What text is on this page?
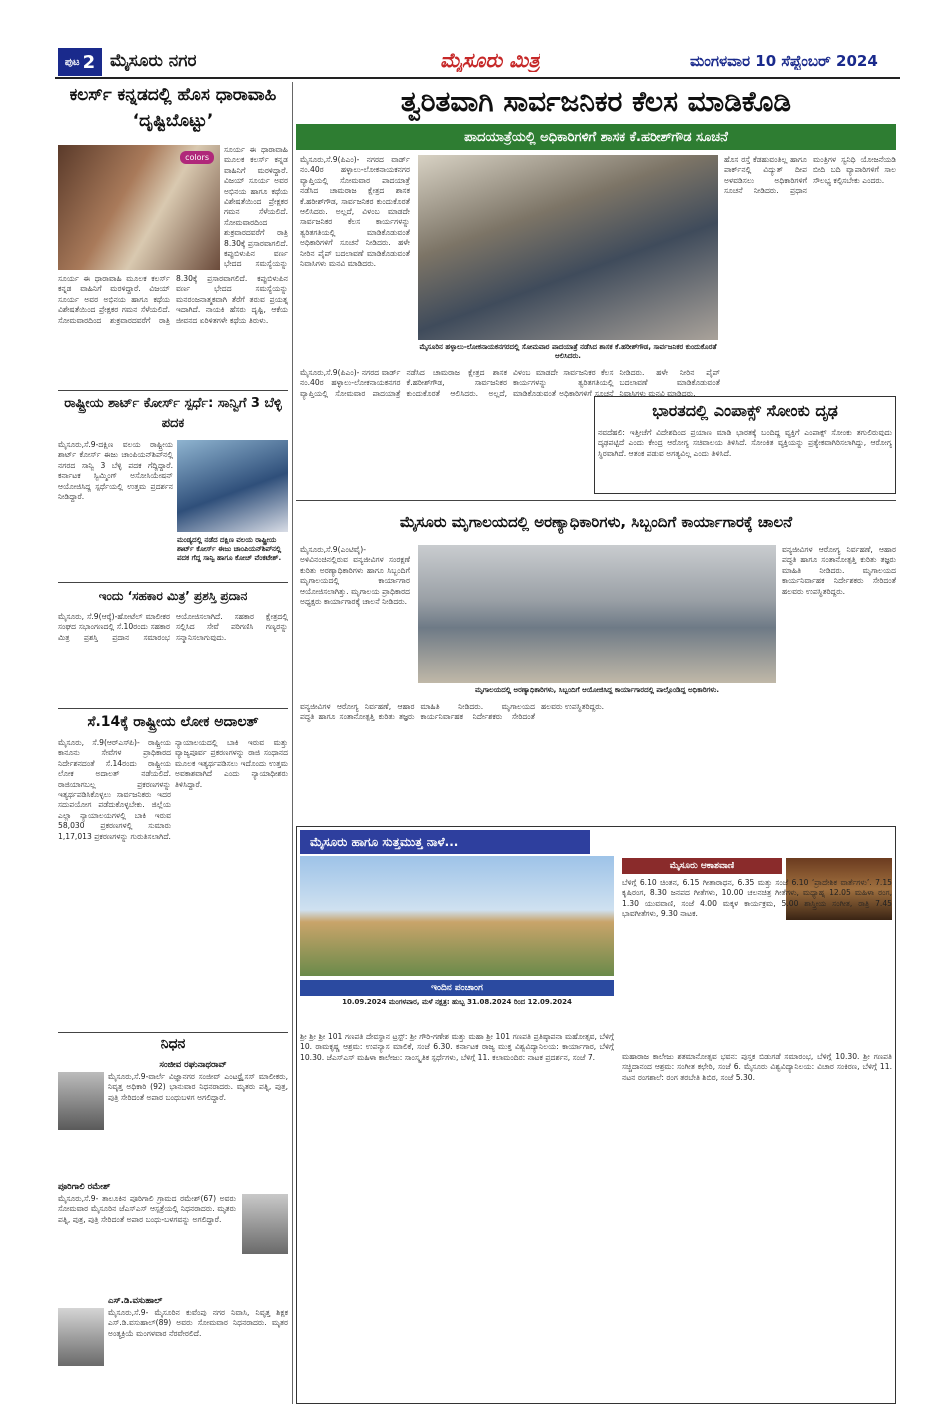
ಪುಟ 2 ಮೈಸೂರು ನಗರ	ಮೈಸೂರು ಮಿತ್ರ	ಮಂಗಳವಾರ 10 ಸೆಪ್ಟೆಂಬರ್ 2024
ಕಲರ್ಸ್ ಕನ್ನಡದಲ್ಲಿ ಹೊಸ ಧಾರಾವಾಹಿ ‘ದೃಷ್ಟಿಬೊಟ್ಟು’
colors
ಸೂರ್ಯ ಈ ಧಾರಾವಾಹಿ ಮೂಲಕ ಕಲರ್ಸ್ ಕನ್ನಡ ವಾಹಿನಿಗೆ ಮರಳಿದ್ದಾರೆ. ವಿಜಯ್ ಸೂರ್ಯ ಅವರ ಅಭಿನಯ ಹಾಗೂ ಕಥೆಯ ವಿಶೇಷತೆಯಿಂದ ಪ್ರೇಕ್ಷಕರ ಗಮನ ಸೆಳೆಯಲಿದೆ. ಸೋಮವಾರದಿಂದ ಶುಕ್ರವಾರದವರೆಗೆ ರಾತ್ರಿ 8.30ಕ್ಕೆ ಪ್ರಸಾರವಾಗಲಿದೆ. ಕಪ್ಪುಬಿಳುಪಿನ ವರ್ಣ ಭೇದದ ಸಮಸ್ಯೆಯನ್ನು
ಸೂರ್ಯ ಈ ಧಾರಾವಾಹಿ ಮೂಲಕ ಕಲರ್ಸ್ ಕನ್ನಡ ವಾಹಿನಿಗೆ ಮರಳಿದ್ದಾರೆ. ವಿಜಯ್ ಸೂರ್ಯ ಅವರ ಅಭಿನಯ ಹಾಗೂ ಕಥೆಯ ವಿಶೇಷತೆಯಿಂದ ಪ್ರೇಕ್ಷಕರ ಗಮನ ಸೆಳೆಯಲಿದೆ. ಸೋಮವಾರದಿಂದ ಶುಕ್ರವಾರದವರೆಗೆ ರಾತ್ರಿ 8.30ಕ್ಕೆ ಪ್ರಸಾರವಾಗಲಿದೆ. ಕಪ್ಪುಬಿಳುಪಿನ ವರ್ಣ ಭೇದದ ಸಮಸ್ಯೆಯನ್ನು ಮನರಂಜನಾತ್ಮಕವಾಗಿ ತೆರೆಗೆ ತರುವ ಪ್ರಯತ್ನ ಇದಾಗಿದೆ. ನಾಯಕಿ ಹೆಸರು ದೃಷ್ಟಿ, ಆಕೆಯ ಜೀವನದ ಏರಿಳಿತಗಳೇ ಕಥೆಯ ತಿರುಳು.
ರಾಷ್ಟ್ರೀಯ ಶಾರ್ಟ್ ಕೋರ್ಸ್ ಸ್ಪರ್ಧೆ: ಸಾನ್ವಿಗೆ 3 ಬೆಳ್ಳಿ ಪದಕ
ಮೈಸೂರು,ಸೆ.9-ದಕ್ಷಿಣ ವಲಯ ರಾಷ್ಟ್ರೀಯ ಶಾರ್ಟ್ ಕೋರ್ಸ್ ಈಜು ಚಾಂಪಿಯನ್‍ಶಿಪ್‍ನಲ್ಲಿ ನಗರದ ಸಾನ್ವಿ 3 ಬೆಳ್ಳಿ ಪದಕ ಗೆದ್ದಿದ್ದಾರೆ. ಕರ್ನಾಟಕ ಸ್ವಿಮ್ಮಿಂಗ್ ಅಸೋಸಿಯೇಷನ್ ಆಯೋಜಿಸಿದ್ದ ಸ್ಪರ್ಧೆಯಲ್ಲಿ ಉತ್ತಮ ಪ್ರದರ್ಶನ ನೀಡಿದ್ದಾರೆ.
ಮಂಡ್ಯದಲ್ಲಿ ನಡೆದ ದಕ್ಷಿಣ ವಲಯ ರಾಷ್ಟ್ರೀಯ ಶಾರ್ಟ್ ಕೋರ್ಸ್ ಈಜು ಚಾಂಪಿಯನ್‍ಶಿಪ್‍ನಲ್ಲಿ ಪದಕ ಗೆದ್ದ ಸಾನ್ವಿ ಹಾಗೂ ಕೋಚ್ ವೆಂಕಟೇಶ್.
ಇಂದು ‘ಸಹಕಾರ ಮಿತ್ರ’ ಪ್ರಶಸ್ತಿ ಪ್ರದಾನ
ಮೈಸೂರು, ಸೆ.9(ಆರ್‍ಕೆ)-ಹೋಟೆಲ್ ಮಾಲೀಕರ ಸಂಘದ ಸಭಾಂಗಣದಲ್ಲಿ ಸೆ.10ರಂದು ಸಹಕಾರ ಮಿತ್ರ ಪ್ರಶಸ್ತಿ ಪ್ರದಾನ ಸಮಾರಂಭ ಆಯೋಜಿಸಲಾಗಿದೆ. ಸಹಕಾರ ಕ್ಷೇತ್ರದಲ್ಲಿ ಸಲ್ಲಿಸಿದ ಸೇವೆ ಪರಿಗಣಿಸಿ ಗಣ್ಯರನ್ನು ಸನ್ಮಾನಿಸಲಾಗುವುದು.
ಸೆ.14ಕ್ಕೆ ರಾಷ್ಟ್ರೀಯ ಲೋಕ ಅದಾಲತ್
ಮೈಸೂರು, ಸೆ.9(ಆರ್‍ಎಸ್‍ಪಿ)- ರಾಷ್ಟ್ರೀಯ ಕಾನೂನು ಸೇವೆಗಳ ಪ್ರಾಧಿಕಾರದ ನಿರ್ದೇಶನದಂತೆ ಸೆ.14ರಂದು ರಾಷ್ಟ್ರೀಯ ಲೋಕ ಅದಾಲತ್ ನಡೆಯಲಿದೆ. ರಾಜಿಯಾಗಬಲ್ಲ ಪ್ರಕರಣಗಳನ್ನು ಇತ್ಯರ್ಥಪಡಿಸಿಕೊಳ್ಳಲು ಸಾರ್ವಜನಿಕರು ಇದರ ಸದುಪಯೋಗ ಪಡೆದುಕೊಳ್ಳಬೇಕು. ಜಿಲ್ಲೆಯ ಎಲ್ಲಾ ನ್ಯಾಯಾಲಯಗಳಲ್ಲಿ ಬಾಕಿ ಇರುವ 58,030 ಪ್ರಕರಣಗಳಲ್ಲಿ ಸುಮಾರು 1,17,013 ಪ್ರಕರಣಗಳನ್ನು ಗುರುತಿಸಲಾಗಿದೆ.
ನ್ಯಾಯಾಲಯದಲ್ಲಿ ಬಾಕಿ ಇರುವ ಮತ್ತು ವ್ಯಾಜ್ಯಪೂರ್ವ ಪ್ರಕರಣಗಳನ್ನು ರಾಜಿ ಸಂಧಾನದ ಮೂಲಕ ಇತ್ಯರ್ಥಪಡಿಸಲು ಇದೊಂದು ಉತ್ತಮ ಅವಕಾಶವಾಗಿದೆ ಎಂದು ನ್ಯಾಯಾಧೀಶರು ತಿಳಿಸಿದ್ದಾರೆ.
ನಿಧನ
ಸಂಜೀವ ರಘುನಾಥರಾವ್
ಮೈಸೂರು,ಸೆ.9-ವಾರ್ಲೆ ವಿಜ್ಞಾನಗರ ಸಂಜೀವ್ ಎಂಟರ್‍ಪ್ರೈಸಸ್ ಮಾಲೀಕರು, ನಿವೃತ್ತ ಅಧಿಕಾರಿ (92) ಭಾನುವಾರ ನಿಧನರಾದರು. ಮೃತರು ಪತ್ನಿ, ಪುತ್ರ, ಪುತ್ರಿ ಸೇರಿದಂತೆ ಅಪಾರ ಬಂಧುಬಳಗ ಅಗಲಿದ್ದಾರೆ.
ಪೂರಿಗಾಲಿ ರಮೇಶ್
ಮೈಸೂರು,ಸೆ.9- ತಾಲೂಕಿನ ಪೂರಿಗಾಲಿ ಗ್ರಾಮದ ರಮೇಶ್(67) ಅವರು ಸೋಮವಾರ ಮೈಸೂರಿನ ಜೆಎಸ್‍ಎಸ್ ಆಸ್ಪತ್ರೆಯಲ್ಲಿ ನಿಧನರಾದರು. ಮೃತರು ಪತ್ನಿ, ಪುತ್ರ, ಪುತ್ರಿ ಸೇರಿದಂತೆ ಅಪಾರ ಬಂಧು-ಬಳಗವನ್ನು ಅಗಲಿದ್ದಾರೆ.
ಎಸ್.ಡಿ.ವಸುಹಾಲ್
ಮೈಸೂರು,ಸೆ.9- ಮೈಸೂರಿನ ಕುವೆಂಪು ನಗರ ನಿವಾಸಿ, ನಿವೃತ್ತ ಶಿಕ್ಷಕ ಎಸ್.ಡಿ.ವಸುಹಾಲ್(89) ಅವರು ಸೋಮವಾರ ನಿಧನರಾದರು. ಮೃತರ ಅಂತ್ಯಕ್ರಿಯೆ ಮಂಗಳವಾರ ನೆರವೇರಲಿದೆ.
ತ್ವರಿತವಾಗಿ ಸಾರ್ವಜನಿಕರ ಕೆಲಸ ಮಾಡಿಕೊಡಿ
ಪಾದಯಾತ್ರೆಯಲ್ಲಿ ಅಧಿಕಾರಿಗಳಿಗೆ ಶಾಸಕ ಕೆ.ಹರೀಶ್‍ಗೌಡ ಸೂಚನೆ
ಮೈಸೂರು,ಸೆ.9(ಪಿಎಂ)- ನಗರದ ವಾರ್ಡ್ ನಂ.40ರ ಹಳ್ಳಾಲು-ಲೋಕನಾಯಕನಗರ ವ್ಯಾಪ್ತಿಯಲ್ಲಿ ಸೋಮವಾರ ಪಾದಯಾತ್ರೆ ನಡೆಸಿದ ಚಾಮರಾಜ ಕ್ಷೇತ್ರದ ಶಾಸಕ ಕೆ.ಹರೀಶ್‍ಗೌಡ, ಸಾರ್ವಜನಿಕರ ಕುಂದುಕೊರತೆ ಆಲಿಸಿದರು. ಅಲ್ಲದೆ, ವಿಳಂಬ ಮಾಡದೇ ಸಾರ್ವಜನಿಕರ ಕೆಲಸ ಕಾರ್ಯಗಳನ್ನು ತ್ವರಿತಗತಿಯಲ್ಲಿ ಮಾಡಿಕೊಡುವಂತೆ ಅಧಿಕಾರಿಗಳಿಗೆ ಸೂಚನೆ ನೀಡಿದರು. ಹಳೇ ನೀರಿನ ಪೈಪ್ ಬದಲಾವಣೆ ಮಾಡಿಕೊಡುವಂತೆ ನಿವಾಸಿಗಳು ಮನವಿ ಮಾಡಿದರು.
ಮೈಸೂರಿನ ಹಳ್ಳಾಲು-ಲೋಕನಾಯಕನಗರದಲ್ಲಿ ಸೋಮವಾರ ಪಾದಯಾತ್ರೆ ನಡೆಸಿದ ಶಾಸಕ ಕೆ.ಹರೀಶ್‍ಗೌಡ, ಸಾರ್ವಜನಿಕರ ಕುಂದುಕೊರತೆ ಆಲಿಸಿದರು.
ಹೊಸ ರಸ್ತೆ ಕೆಡಹುವಂತಿಲ್ಲ ಹಾಗೂ ಪಾರ್ಕ್‍ನಲ್ಲಿ ವಿದ್ಯುತ್ ದೀಪ ಅಳವಡಿಸಲು ಅಧಿಕಾರಿಗಳಿಗೆ ಸೂಚನೆ ನೀಡಿದರು. ಪ್ರಧಾನ ಮಂತ್ರಿಗಳ ಸ್ವನಿಧಿ ಯೋಜನೆಯಡಿ ಬೀದಿ ಬದಿ ವ್ಯಾಪಾರಿಗಳಿಗೆ ಸಾಲ ಸೌಲಭ್ಯ ಕಲ್ಪಿಸಬೇಕು ಎಂದರು.
ಮೈಸೂರು,ಸೆ.9(ಪಿಎಂ)- ನಗರದ ವಾರ್ಡ್ ನಂ.40ರ ಹಳ್ಳಾಲು-ಲೋಕನಾಯಕನಗರ ವ್ಯಾಪ್ತಿಯಲ್ಲಿ ಸೋಮವಾರ ಪಾದಯಾತ್ರೆ ನಡೆಸಿದ ಚಾಮರಾಜ ಕ್ಷೇತ್ರದ ಶಾಸಕ ಕೆ.ಹರೀಶ್‍ಗೌಡ, ಸಾರ್ವಜನಿಕರ ಕುಂದುಕೊರತೆ ಆಲಿಸಿದರು. ಅಲ್ಲದೆ, ವಿಳಂಬ ಮಾಡದೇ ಸಾರ್ವಜನಿಕರ ಕೆಲಸ ಕಾರ್ಯಗಳನ್ನು ತ್ವರಿತಗತಿಯಲ್ಲಿ ಮಾಡಿಕೊಡುವಂತೆ ಅಧಿಕಾರಿಗಳಿಗೆ ಸೂಚನೆ ನೀಡಿದರು. ಹಳೇ ನೀರಿನ ಪೈಪ್ ಬದಲಾವಣೆ ಮಾಡಿಕೊಡುವಂತೆ ನಿವಾಸಿಗಳು ಮನವಿ ಮಾಡಿದರು.
ಭಾರತದಲ್ಲಿ ಎಂಪಾಕ್ಸ್ ಸೋಂಕು ದೃಢ
ನವದೆಹಲಿ: ಇತ್ತೀಚೆಗೆ ವಿದೇಶದಿಂದ ಪ್ರಯಾಣ ಮಾಡಿ ಭಾರತಕ್ಕೆ ಬಂದಿದ್ದ ವ್ಯಕ್ತಿಗೆ ಎಂಪಾಕ್ಸ್ ಸೋಂಕು ತಗುಲಿರುವುದು ದೃಢಪಟ್ಟಿದೆ ಎಂದು ಕೇಂದ್ರ ಆರೋಗ್ಯ ಸಚಿವಾಲಯ ತಿಳಿಸಿದೆ. ಸೋಂಕಿತ ವ್ಯಕ್ತಿಯನ್ನು ಪ್ರತ್ಯೇಕವಾಗಿರಿಸಲಾಗಿದ್ದು, ಆರೋಗ್ಯ ಸ್ಥಿರವಾಗಿದೆ. ಆತಂಕ ಪಡುವ ಅಗತ್ಯವಿಲ್ಲ ಎಂದು ತಿಳಿಸಿದೆ.
ಮೈಸೂರು ಮೃಗಾಲಯದಲ್ಲಿ ಅರಣ್ಯಾಧಿಕಾರಿಗಳು, ಸಿಬ್ಬಂದಿಗೆ ಕಾರ್ಯಾಗಾರಕ್ಕೆ ಚಾಲನೆ
ಮೈಸೂರು,ಸೆ.9(ಎಂಟಿವೈ)- ಅಳಿವಿನಂಚಿನಲ್ಲಿರುವ ವನ್ಯಜೀವಿಗಳ ಸಂರಕ್ಷಣೆ ಕುರಿತು ಅರಣ್ಯಾಧಿಕಾರಿಗಳು ಹಾಗೂ ಸಿಬ್ಬಂದಿಗೆ ಮೃಗಾಲಯದಲ್ಲಿ ಕಾರ್ಯಾಗಾರ ಆಯೋಜಿಸಲಾಗಿತ್ತು. ಮೃಗಾಲಯ ಪ್ರಾಧಿಕಾರದ ಅಧ್ಯಕ್ಷರು ಕಾರ್ಯಾಗಾರಕ್ಕೆ ಚಾಲನೆ ನೀಡಿದರು.
ಮೃಗಾಲಯದಲ್ಲಿ ಅರಣ್ಯಾಧಿಕಾರಿಗಳು, ಸಿಬ್ಬಂದಿಗೆ ಆಯೋಜಿಸಿದ್ದ ಕಾರ್ಯಾಗಾರದಲ್ಲಿ ಪಾಲ್ಗೊಂಡಿದ್ದ ಅಧಿಕಾರಿಗಳು.
ವನ್ಯಜೀವಿಗಳ ಆರೋಗ್ಯ ನಿರ್ವಹಣೆ, ಆಹಾರ ಪದ್ಧತಿ ಹಾಗೂ ಸಂತಾನೋತ್ಪತ್ತಿ ಕುರಿತು ತಜ್ಞರು ಮಾಹಿತಿ ನೀಡಿದರು. ಮೃಗಾಲಯದ ಕಾರ್ಯನಿರ್ವಾಹಕ ನಿರ್ದೇಶಕರು ಸೇರಿದಂತೆ ಹಲವರು ಉಪಸ್ಥಿತರಿದ್ದರು.
ವನ್ಯಜೀವಿಗಳ ಆರೋಗ್ಯ ನಿರ್ವಹಣೆ, ಆಹಾರ ಪದ್ಧತಿ ಹಾಗೂ ಸಂತಾನೋತ್ಪತ್ತಿ ಕುರಿತು ತಜ್ಞರು ಮಾಹಿತಿ ನೀಡಿದರು. ಮೃಗಾಲಯದ ಕಾರ್ಯನಿರ್ವಾಹಕ ನಿರ್ದೇಶಕರು ಸೇರಿದಂತೆ ಹಲವರು ಉಪಸ್ಥಿತರಿದ್ದರು.
ಮೈಸೂರು ಹಾಗೂ ಸುತ್ತಮುತ್ತ ನಾಳೆ...
ಇಂದಿನ ಪಂಚಾಂಗ
10.09.2024 ಮಂಗಳವಾರ, ಮಳೆ ನಕ್ಷತ್ರ: ಹುಬ್ಬ 31.08.2024 ರಿಂದ 12.09.2024
ಮೈಸೂರು ಆಕಾಶವಾಣಿ
ಬೆಳಿಗ್ಗೆ 6.10 ಚಿಂತನ, 6.15 ಗೀತಾರಾಧನ, 6.35 ಮತ್ತು ಸಂಜೆ 6.10 ‘ಪ್ರಾದೇಶಿಕ ವಾರ್ತೆಗಳು’. 7.15 ಕೃಷಿರಂಗ, 8.30 ಜನಪದ ಗೀತೆಗಳು, 10.00 ಚಲನಚಿತ್ರ ಗೀತೆಗಳು, ಮಧ್ಯಾಹ್ನ 12.05 ಮಹಿಳಾ ರಂಗ, 1.30 ಯುವವಾಣಿ, ಸಂಜೆ 4.00 ಮಕ್ಕಳ ಕಾರ್ಯಕ್ರಮ, 5.00 ಶಾಸ್ತ್ರೀಯ ಸಂಗೀತ, ರಾತ್ರಿ 7.45 ಭಾವಗೀತೆಗಳು, 9.30 ನಾಟಕ.
ಶ್ರೀ ಶ್ರೀ ಶ್ರೀ 101 ಗಣಪತಿ ದೇವಸ್ಥಾನ ಟ್ರಸ್ಟ್: ಶ್ರೀ ಗೌರಿ-ಗಣೇಶ ಮತ್ತು ಮಹಾ ಶ್ರೀ 101 ಗಣಪತಿ ಪ್ರತಿಷ್ಠಾಪನಾ ಮಹೋತ್ಸವ, ಬೆಳಿಗ್ಗೆ 10. ರಾಮಕೃಷ್ಣ ಆಶ್ರಮ: ಉಪನ್ಯಾಸ ಮಾಲಿಕೆ, ಸಂಜೆ 6.30. ಕರ್ನಾಟಕ ರಾಜ್ಯ ಮುಕ್ತ ವಿಶ್ವವಿದ್ಯಾನಿಲಯ: ಕಾರ್ಯಾಗಾರ, ಬೆಳಿಗ್ಗೆ 10.30. ಜೆಎಸ್‍ಎಸ್ ಮಹಿಳಾ ಕಾಲೇಜು: ಸಾಂಸ್ಕೃತಿಕ ಸ್ಪರ್ಧೆಗಳು, ಬೆಳಿಗ್ಗೆ 11. ಕಲಾಮಂದಿರ: ನಾಟಕ ಪ್ರದರ್ಶನ, ಸಂಜೆ 7.	ಮಹಾರಾಜ ಕಾಲೇಜು ಶತಮಾನೋತ್ಸವ ಭವನ: ಪುಸ್ತಕ ಬಿಡುಗಡೆ ಸಮಾರಂಭ, ಬೆಳಿಗ್ಗೆ 10.30. ಶ್ರೀ ಗಣಪತಿ ಸಚ್ಚಿದಾನಂದ ಆಶ್ರಮ: ಸಂಗೀತ ಕಛೇರಿ, ಸಂಜೆ 6. ಮೈಸೂರು ವಿಶ್ವವಿದ್ಯಾನಿಲಯ: ವಿಚಾರ ಸಂಕಿರಣ, ಬೆಳಿಗ್ಗೆ 11. ನಟನ ರಂಗಶಾಲೆ: ರಂಗ ತರಬೇತಿ ಶಿಬಿರ, ಸಂಜೆ 5.30.
